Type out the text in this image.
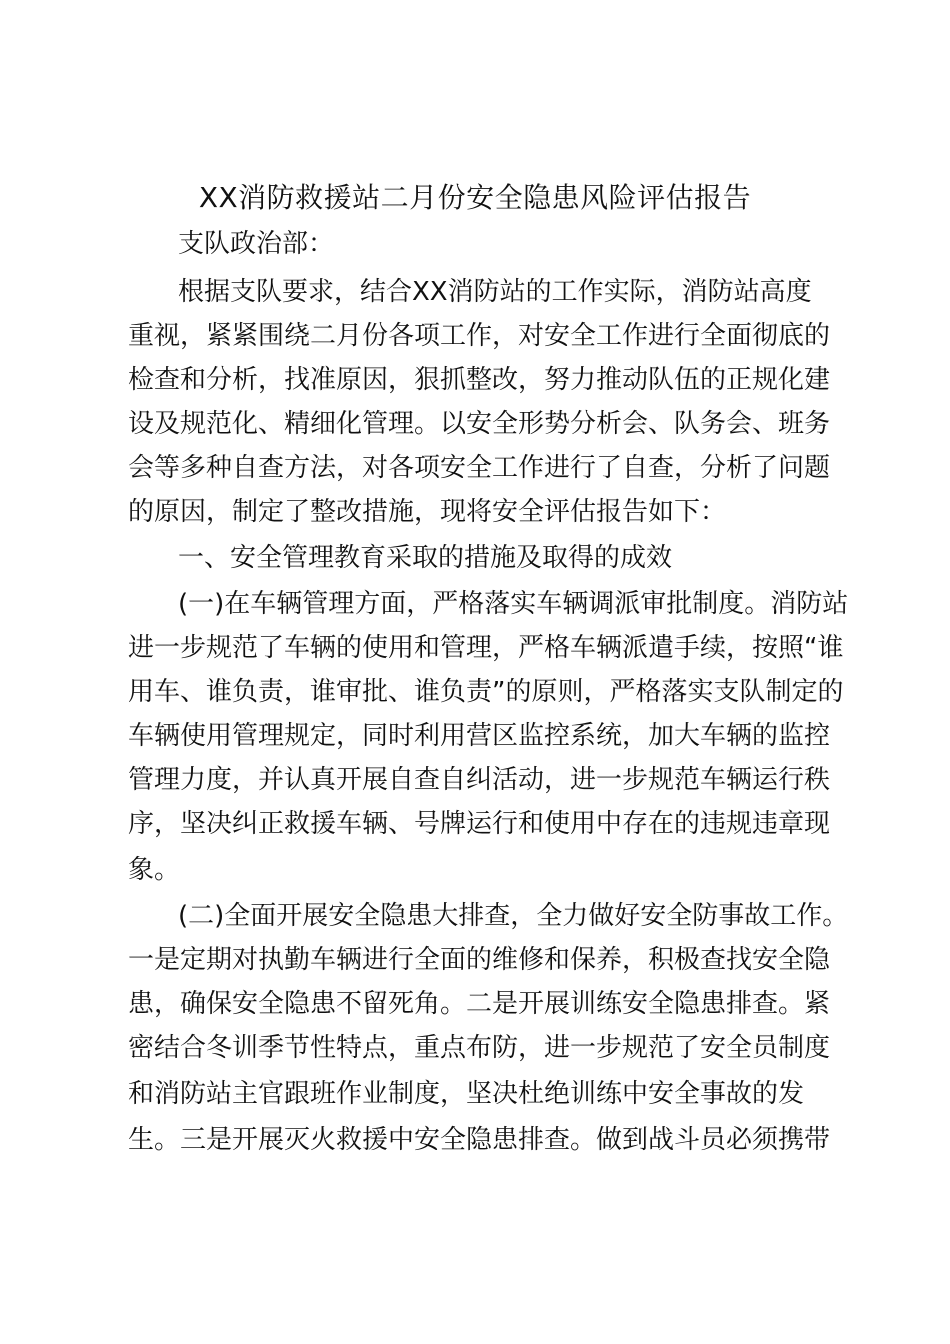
XX消防救援站二月份安全隐患风险评估报告

支队政治部：

根据支队要求，结合XX消防站的工作实际，消防站高度

重视，紧紧围绕二月份各项工作，对安全工作进行全面彻底的

检查和分析，找准原因，狠抓整改，努力推动队伍的正规化建

设及规范化、精细化管理。以安全形势分析会、队务会、班务

会等多种自查方法，对各项安全工作进行了自查，分析了问题

的原因，制定了整改措施，现将安全评估报告如下：

一、安全管理教育采取的措施及取得的成效

(一)在车辆管理方面，严格落实车辆调派审批制度。消防站

进一步规范了车辆的使用和管理，严格车辆派遣手续，按照“谁

用车、谁负责，谁审批、谁负责”的原则，严格落实支队制定的

车辆使用管理规定，同时利用营区监控系统，加大车辆的监控

管理力度，并认真开展自查自纠活动，进一步规范车辆运行秩

序，坚决纠正救援车辆、号牌运行和使用中存在的违规违章现

象。

(二)全面开展安全隐患大排查，全力做好安全防事故工作。

一是定期对执勤车辆进行全面的维修和保养，积极查找安全隐

患，确保安全隐患不留死角。二是开展训练安全隐患排查。紧

密结合冬训季节性特点，重点布防，进一步规范了安全员制度

和消防站主官跟班作业制度，坚决杜绝训练中安全事故的发

生。三是开展灭火救援中安全隐患排查。做到战斗员必须携带
